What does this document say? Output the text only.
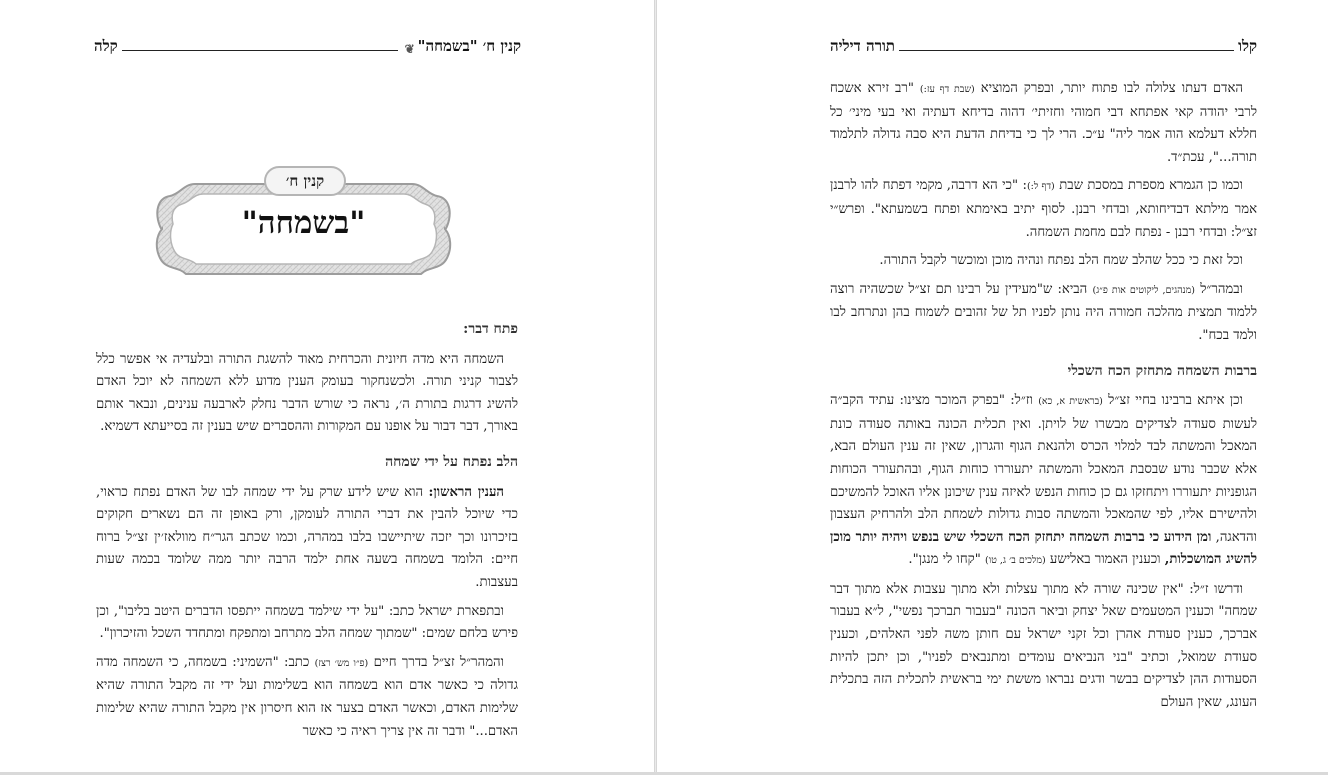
קנין ח׳ "בשמחה"
❦
קלה
קנין ח׳
"בשמחה"
פתח דבר:

השמחה היא מדה חיונית והכרחית מאוד להשגת התורה ובלעדיה אי אפשר כלל לצבור קניני תורה. ולכשנחקור בעומק הענין מדוע ללא השמחה לא יוכל האדם להשיג דרגות בתורת ה׳, נראה כי שורש הדבר נחלק לארבעה ענינים, ונבאר אותם באורך, דבר דבור על אופנו עם המקורות וההסברים שיש בענין זה בסייעתא דשמיא.

הלב נפתח על ידי שמחה

הענין הראשון: הוא שיש לידע שרק על ידי שמחה לבו של האדם נפתח כראוי, כדי שיוכל להבין את דברי התורה לעומקן, ורק באופן זה הם נשארים חקוקים בזיכרונו וכך יזכה שיתיישבו בלבו במהרה, וכמו שכתב הגר״ח מוולאז׳ין זצ״ל ברוח חיים: הלומד בשמחה בשעה אחת ילמד הרבה יותר ממה שלומד בכמה שעות בעצבות.

ובתפארת ישראל כתב: "על ידי שילמד בשמחה ייתפסו הדברים היטב בליבו", וכן פירש בלחם שמים: "שמתוך שמחה הלב מתרחב ומתפקח ומתחדד השכל והזיכרון".

והמהר״ל זצ״ל בדרך חיים (פ״ו מש׳ רצז) כתב: "השמיני: בשמחה, כי השמחה מדה גדולה כי כאשר אדם הוא בשמחה הוא בשלימות ועל ידי זה מקבל התורה שהיא שלימות האדם, וכאשר האדם בצער אז הוא חיסרון אין מקבל התורה שהיא שלימות האדם..." ודבר זה אין צריך ראיה כי כאשר

קלו
תורה דיליה

האדם דעתו צלולה לבו פתוח יותר, ובפרק המוציא (שבת דף עז:) "רב זירא אשכח לרבי יהודה קאי אפתחא דבי חמוהי וחזיתי׳ דהוה בדיחא דעתיה ואי בעי מיני׳ כל חללא דעלמא הוה אמר ליה" ע״כ. הרי לך כי בדיחת הדעת היא סבה גדולה לתלמוד תורה...", עכת״ד.

וכמו כן הגמרא מספרת במסכת שבת (דף ל:): "כי הא דרבה, מקמי דפתח להו לרבנן אמר מילתא דבדיחותא, ובדחי רבנן. לסוף יתיב באימתא ופתח בשמעתא". ופרש״י זצ״ל: ובדחי רבנן - נפתח לבם מחמת השמחה.

וכל זאת כי ככל שהלב שמח הלב נפתח ונהיה מוכן ומוכשר לקבל התורה.

ובמהר״ל (מנהגים, ליקוטים אות פ״ג) הביא: ש"מעידין על רבינו תם זצ״ל שכשהיה רוצה ללמוד תמצית מהלכה חמורה היה נותן לפניו תל של זהובים לשמוח בהן ונתרחב לבו ולמד בכח".

ברבות השמחה מתחזק הכח השכלי

וכן איתא ברבינו בחיי זצ״ל (בראשית א, כא) וז״ל: "בפרק המוכר מצינו: עתיד הקב״ה לעשות סעודה לצדיקים מבשרו של לויתן. ואין תכלית הכונה באותה סעודה כונת המאכל והמשתה לבד למלוי הכרס ולהנאת הגוף והגרון, שאין זה ענין העולם הבא, אלא שכבר נודע שבסבת המאכל והמשתה יתעוררו כוחות הגוף, ובהתעורר הכוחות הגופניות יתעוררו ויתחזקו גם כן כוחות הנפש לאיזה ענין שיכונן אליו האוכל להמשיכם ולהישירם אליו, לפי שהמאכל והמשתה סבות גדולות לשמחת הלב ולהרחיק העצבון והדאגה, ומן הידוע כי ברבות השמחה יתחזק הכח השכלי שיש בנפש ויהיה יותר מוכן להשיג המושכלות, וכענין האמור באלישע (מלכים ב׳ ג, טו) "קחו לי מנגן".

ודרשו ז״ל: "אין שכינה שורה לא מתוך עצלות ולא מתוך עצבות אלא מתוך דבר שמחה" וכענין המטעמים שאל יצחק וביאר הכונה "בעבור תברכך נפשי", ל״א בעבור אברכך, כענין סעודת אהרן וכל זקני ישראל עם חותן משה לפני האלהים, וכענין סעודת שמואל, וכתיב "בני הנביאים עומדים ומתנבאים לפניו", וכן יתכן להיות הסעודות ההן לצדיקים בבשר ודגים נבראו מששת ימי בראשית לתכלית הזה בתכלית העונג, שאין העולם
